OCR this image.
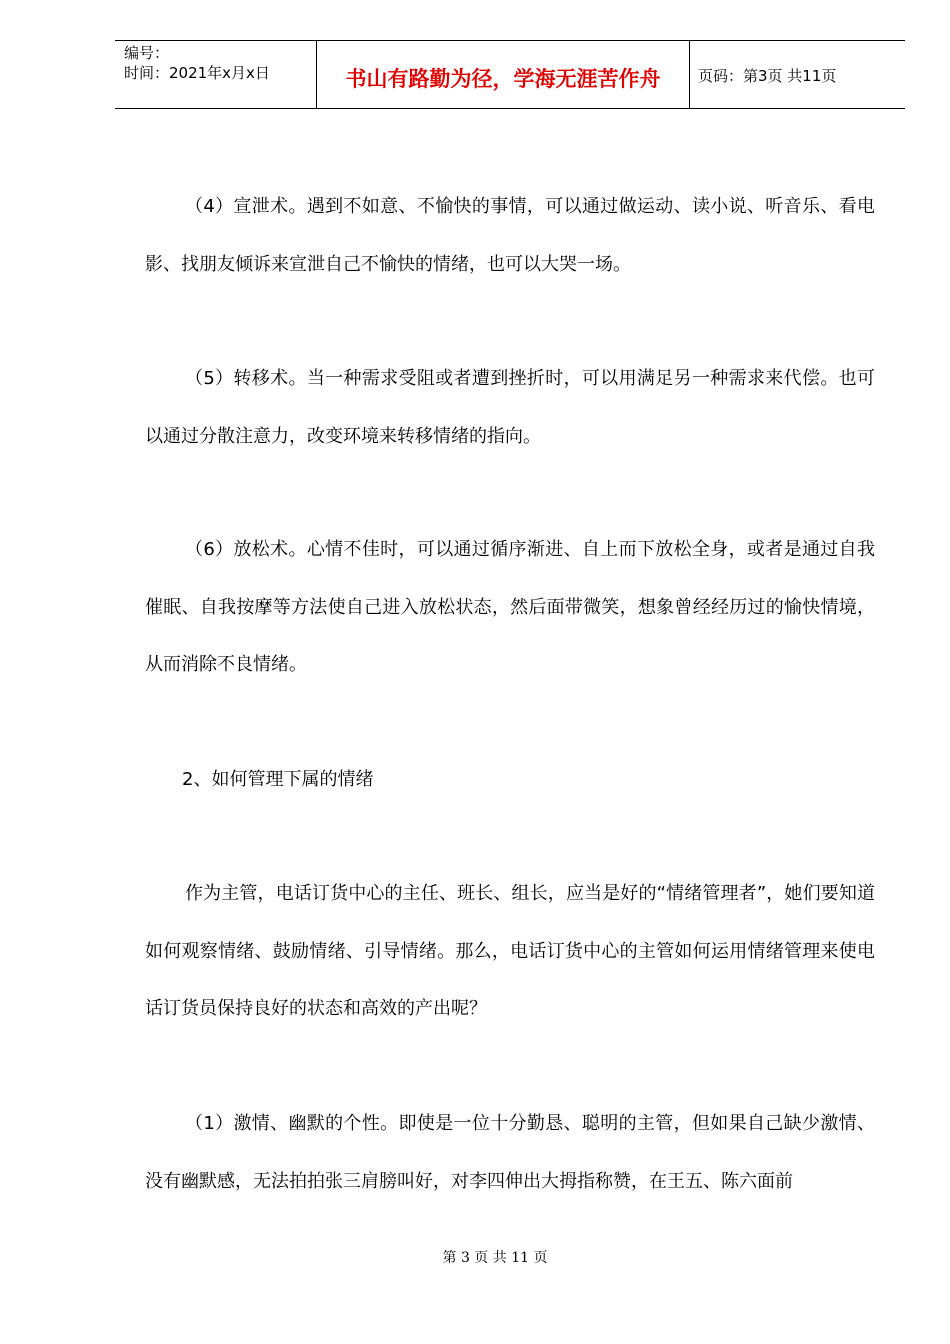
编号：
时间：2021年x月x日	书山有路勤为径，学海无涯苦作舟	页码：第3页 共11页

（4）宣泄术。遇到不如意、不愉快的事情，可以通过做运动、读小说、听音乐、看电影、找朋友倾诉来宣泄自己不愉快的情绪，也可以大哭一场。

（5）转移术。当一种需求受阻或者遭到挫折时，可以用满足另一种需求来代偿。也可以通过分散注意力，改变环境来转移情绪的指向。

（6）放松术。心情不佳时，可以通过循序渐进、自上而下放松全身，或者是通过自我催眠、自我按摩等方法使自己进入放松状态，然后面带微笑，想象曾经经历过的愉快情境，从而消除不良情绪。

2、如何管理下属的情绪

作为主管，电话订货中心的主任、班长、组长，应当是好的“情绪管理者”，她们要知道如何观察情绪、鼓励情绪、引导情绪。那么，电话订货中心的主管如何运用情绪管理来使电话订货员保持良好的状态和高效的产出呢？

（1）激情、幽默的个性。即使是一位十分勤恳、聪明的主管，但如果自己缺少激情、没有幽默感，无法拍拍张三肩膀叫好，对李四伸出大拇指称赞，在王五、陈六面前

第 3 页 共 11 页
